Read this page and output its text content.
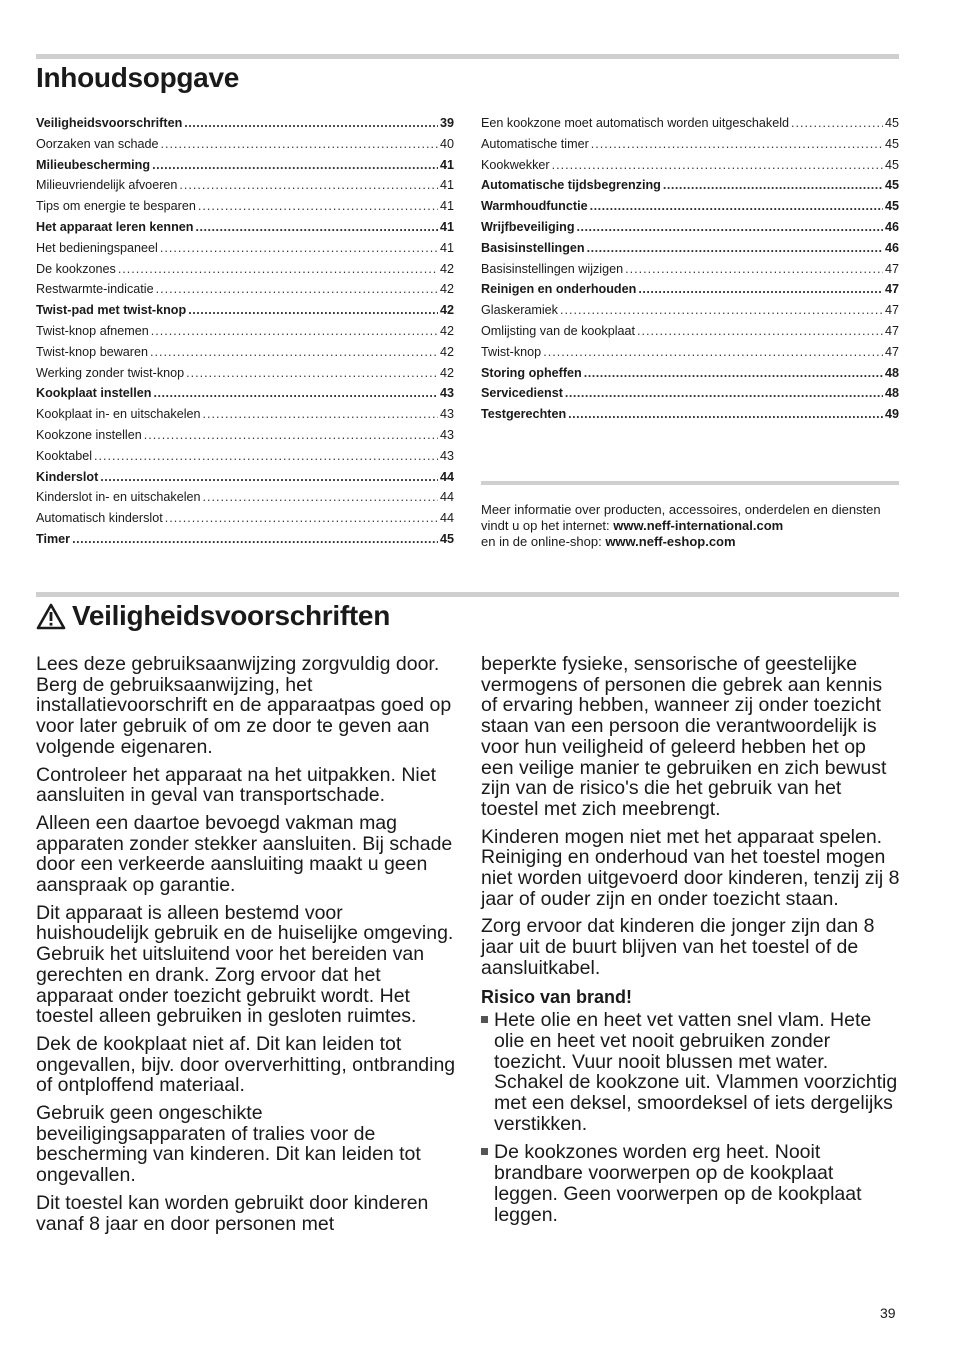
Inhoudsopgave
Veiligheidsvoorschriften .....	39
Oorzaken van schade .....	40
Milieubescherming .....	41
Milieuvriendelijk afvoeren .....	41
Tips om energie te besparen .....	41
Het apparaat leren kennen .....	41
Het bedieningspaneel .....	41
De kookzones .....	42
Restwarmte-indicatie .....	42
Twist-pad met twist-knop .....	42
Twist-knop afnemen .....	42
Twist-knop bewaren .....	42
Werking zonder twist-knop .....	42
Kookplaat instellen .....	43
Kookplaat in- en uitschakelen .....	43
Kookzone instellen .....	43
Kooktabel .....	43
Kinderslot .....	44
Kinderslot in- en uitschakelen .....	44
Automatisch kinderslot .....	44
Timer .....	45
Een kookzone moet automatisch worden uitgeschakeld .....	45
Automatische timer .....	45
Kookwekker .....	45
Automatische tijdsbegrenzing .....	45
Warmhoudfunctie .....	45
Wrijfbeveiliging .....	46
Basisinstellingen .....	46
Basisinstellingen wijzigen .....	47
Reinigen en onderhouden .....	47
Glaskeramiek .....	47
Omlijsting van de kookplaat .....	47
Twist-knop .....	47
Storing opheffen .....	48
Servicedienst .....	48
Testgerechten .....	49
Meer informatie over producten, accessoires, onderdelen en diensten vindt u op het internet: www.neff-international.com
en in de online-shop: www.neff-eshop.com
Veiligheidsvoorschriften

Lees deze gebruiksaanwijzing zorgvuldig door. Berg de gebruiksaanwijzing, het installatievoorschrift en de apparaatpas goed op voor later gebruik of om ze door te geven aan volgende eigenaren.

Controleer het apparaat na het uitpakken. Niet aansluiten in geval van transportschade.

Alleen een daartoe bevoegd vakman mag apparaten zonder stekker aansluiten. Bij schade door een verkeerde aansluiting maakt u geen aanspraak op garantie.

Dit apparaat is alleen bestemd voor huishoudelijk gebruik en de huiselijke omgeving. Gebruik het uitsluitend voor het bereiden van gerechten en drank. Zorg ervoor dat het apparaat onder toezicht gebruikt wordt. Het toestel alleen gebruiken in gesloten ruimtes.

Dek de kookplaat niet af. Dit kan leiden tot ongevallen, bijv. door oververhitting, ontbranding of ontploffend materiaal.

Gebruik geen ongeschikte beveiligingsapparaten of tralies voor de bescherming van kinderen. Dit kan leiden tot ongevallen.

Dit toestel kan worden gebruikt door kinderen vanaf 8 jaar en door personen met

beperkte fysieke, sensorische of geestelijke vermogens of personen die gebrek aan kennis of ervaring hebben, wanneer zij onder toezicht staan van een persoon die verantwoordelijk is voor hun veiligheid of geleerd hebben het op een veilige manier te gebruiken en zich bewust zijn van de risico's die het gebruik van het toestel met zich meebrengt.

Kinderen mogen niet met het apparaat spelen. Reiniging en onderhoud van het toestel mogen niet worden uitgevoerd door kinderen, tenzij zij 8 jaar of ouder zijn en onder toezicht staan.

Zorg ervoor dat kinderen die jonger zijn dan 8 jaar uit de buurt blijven van het toestel of de aansluitkabel.

Risico van brand!
Hete olie en heet vet vatten snel vlam. Hete olie en heet vet nooit gebruiken zonder toezicht. Vuur nooit blussen met water. Schakel de kookzone uit. Vlammen voorzichtig met een deksel, smoordeksel of iets dergelijks verstikken.
De kookzones worden erg heet. Nooit brandbare voorwerpen op de kookplaat leggen. Geen voorwerpen op de kookplaat leggen.
39
